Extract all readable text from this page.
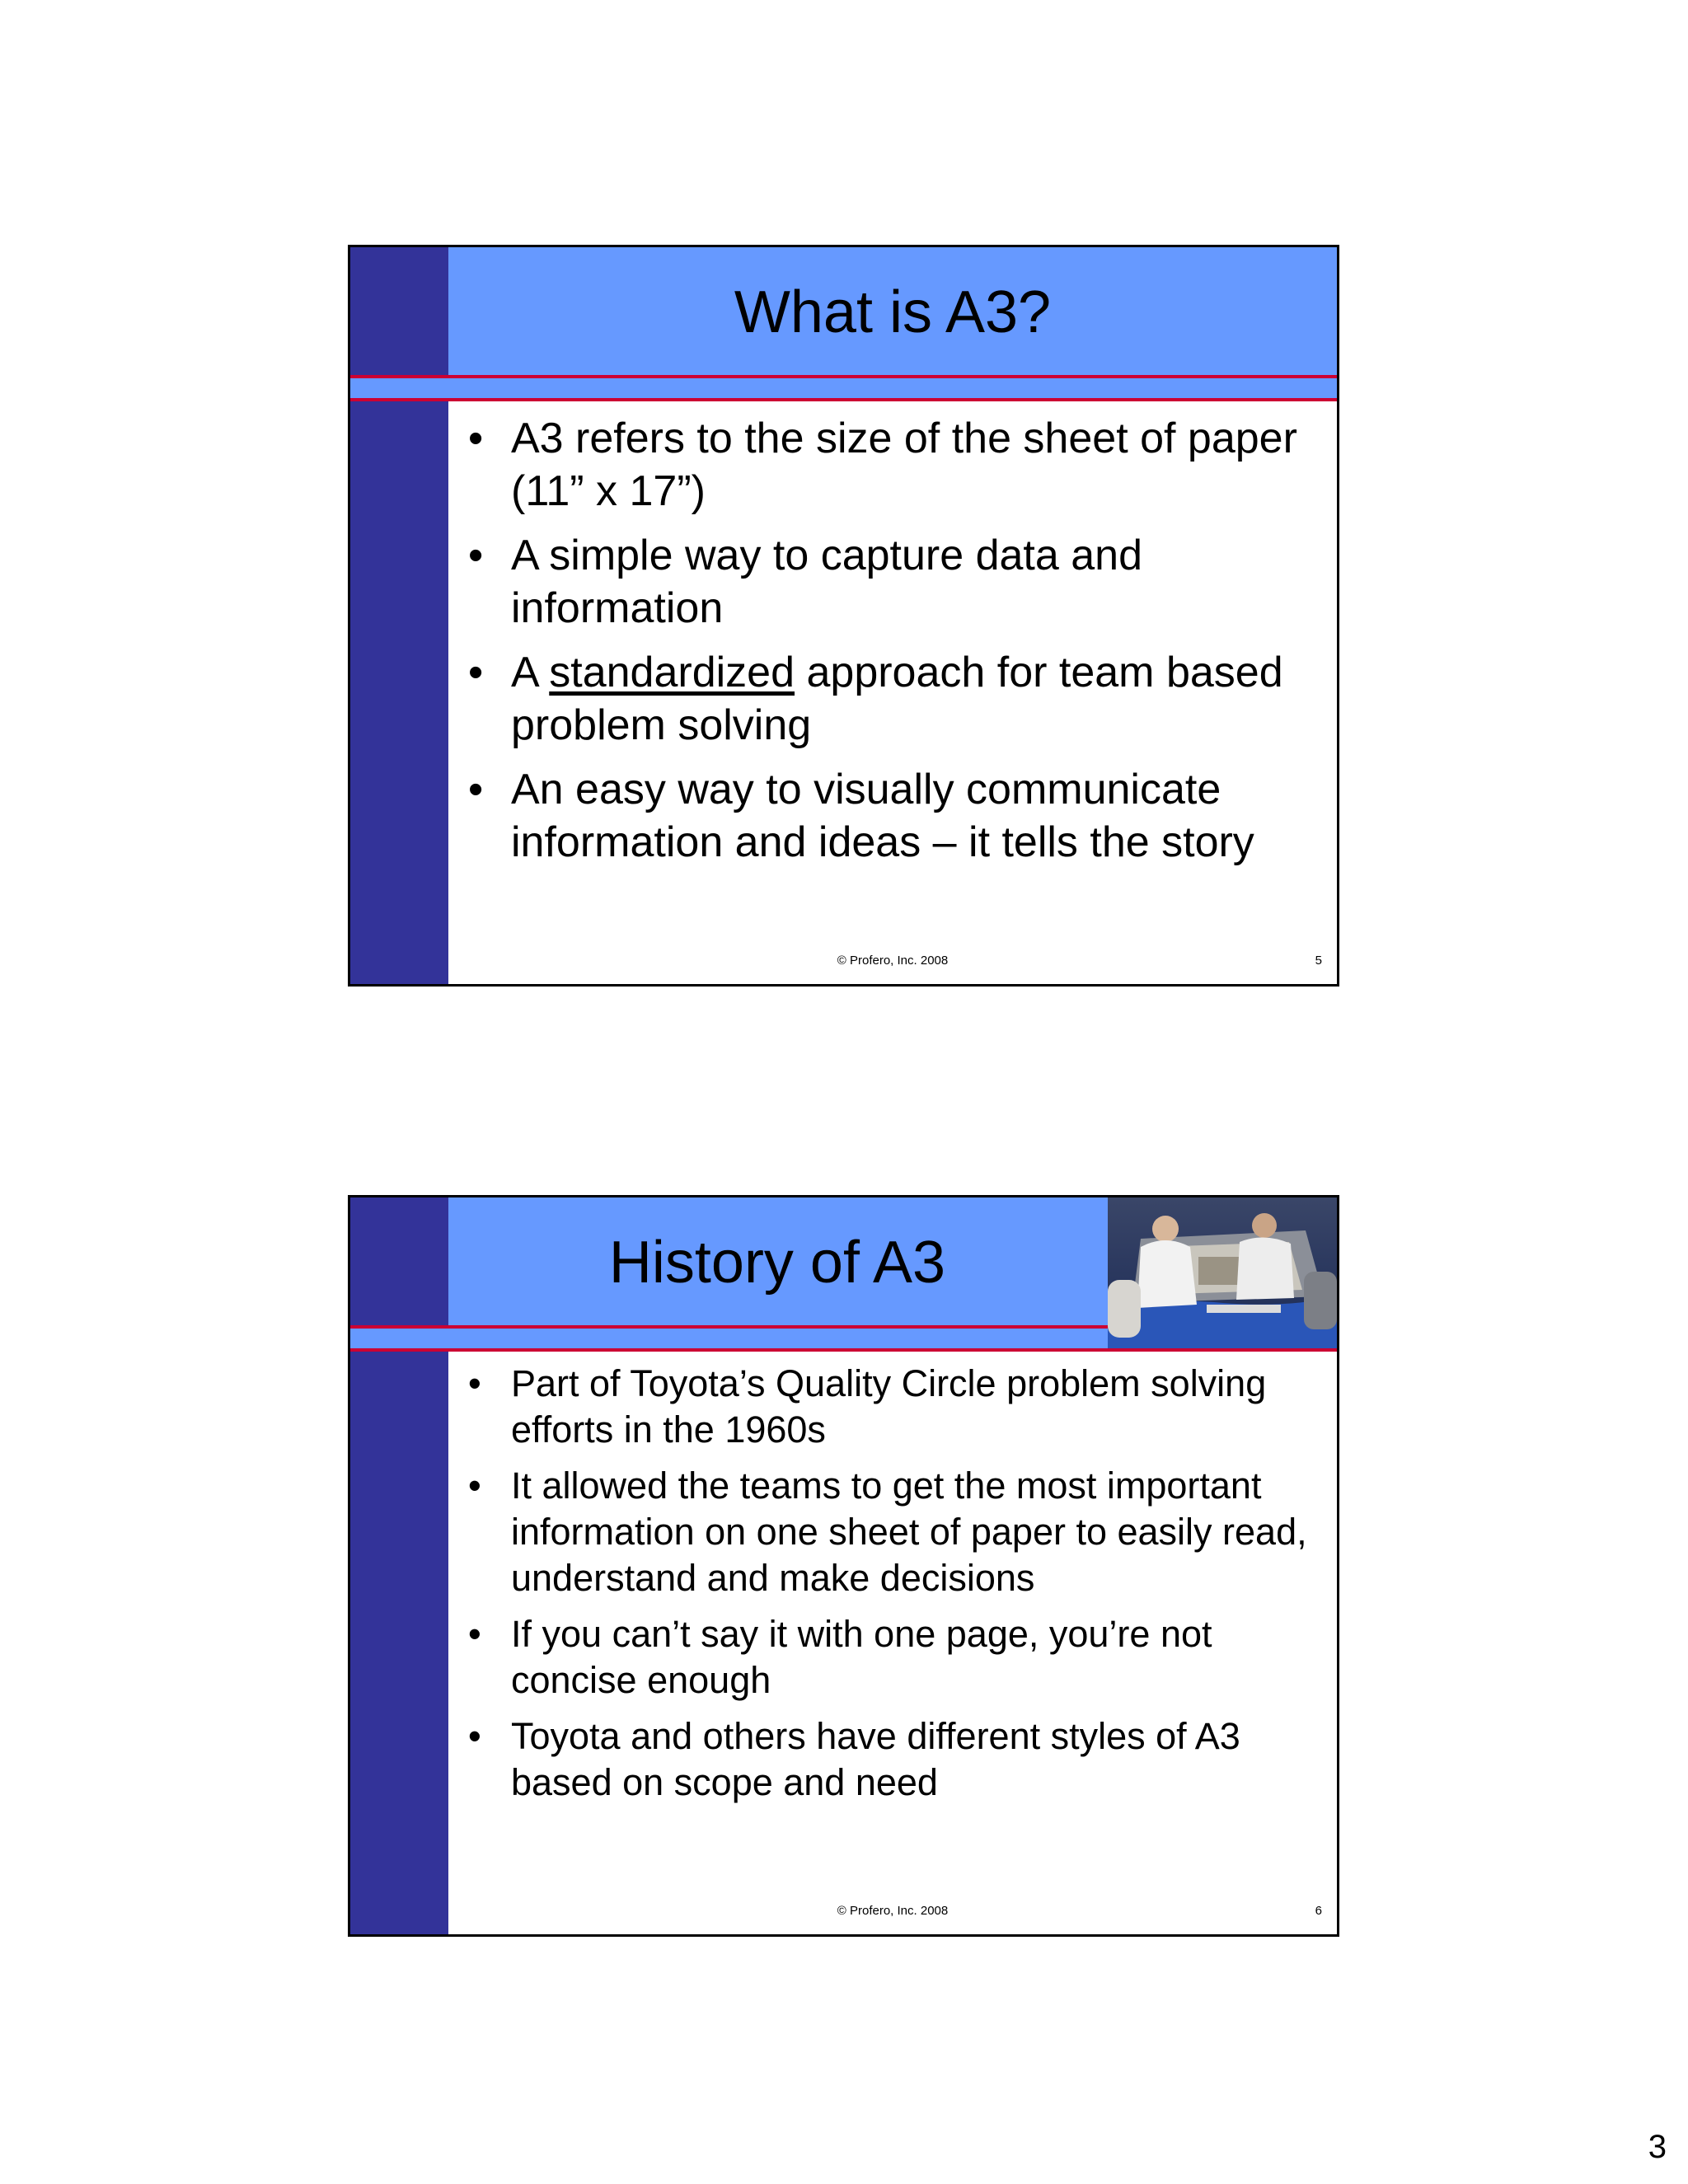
What is A3?
• A3 refers to the size of the sheet of paper (11” x 17”)
• A simple way to capture data and information
• A standardized approach for team based problem solving
• An easy way to visually communicate information and ideas – it tells the story
© Profero, Inc. 2008	5
History of A3
• Part of Toyota’s Quality Circle problem solving efforts in the 1960s
• It allowed the teams to get the most important information on one sheet of paper to easily read, understand and make decisions
• If you can’t say it with one page, you’re not concise enough
• Toyota and others have different styles of A3 based on scope and need
© Profero, Inc. 2008	6
3
